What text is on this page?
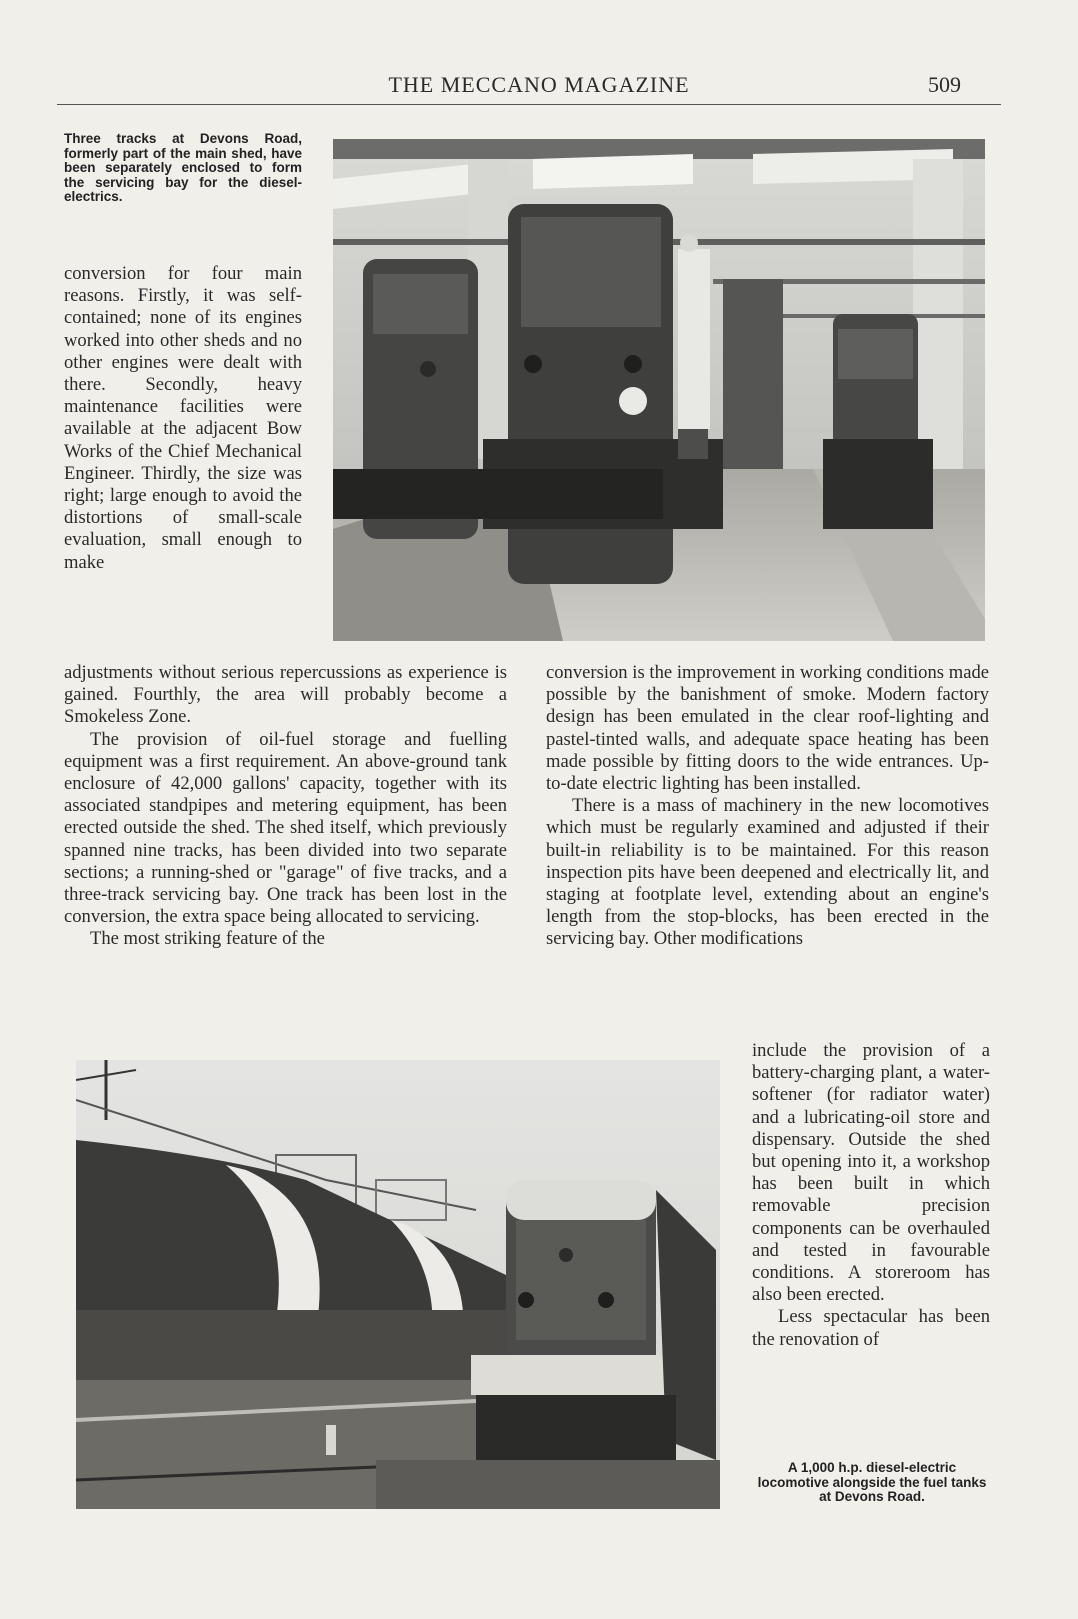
THE MECCANO MAGAZINE	509
Three tracks at Devons Road, formerly part of the main shed, have been separately enclosed to form the servicing bay for the diesel-electrics.

conversion for four main reasons. Firstly, it was self-contained; none of its engines worked into other sheds and no other engines were dealt with there. Secondly, heavy maintenance facilities were available at the adjacent Bow Works of the Chief Mechanical Engineer. Thirdly, the size was right; large enough to avoid the distortions of small-scale evaluation, small enough to make

adjustments without serious repercussions as experience is gained. Fourthly, the area will probably become a Smokeless Zone.

The provision of oil-fuel storage and fuelling equipment was a first requirement. An above-ground tank enclosure of 42,000 gallons' capacity, together with its associated standpipes and metering equipment, has been erected outside the shed. The shed itself, which previously spanned nine tracks, has been divided into two separate sections; a running-shed or "garage" of five tracks, and a three-track servicing bay. One track has been lost in the conversion, the extra space being allocated to servicing.

The most striking feature of the

conversion is the improvement in working conditions made possible by the banishment of smoke. Modern factory design has been emulated in the clear roof-lighting and pastel-tinted walls, and adequate space heating has been made possible by fitting doors to the wide entrances. Up-to-date electric lighting has been installed.

There is a mass of machinery in the new locomotives which must be regularly examined and adjusted if their built-in reliability is to be maintained. For this reason inspection pits have been deepened and electrically lit, and staging at footplate level, extending about an engine's length from the stop-blocks, has been erected in the servicing bay. Other modifications

include the provision of a battery-charging plant, a water-softener (for radiator water) and a lubricating-oil store and dispensary. Outside the shed but opening into it, a workshop has been built in which removable precision components can be overhauled and tested in favourable conditions. A storeroom has also been erected.

Less spectacular has been the renovation of

A 1,000 h.p. diesel-electric locomotive alongside the fuel tanks at Devons Road.
